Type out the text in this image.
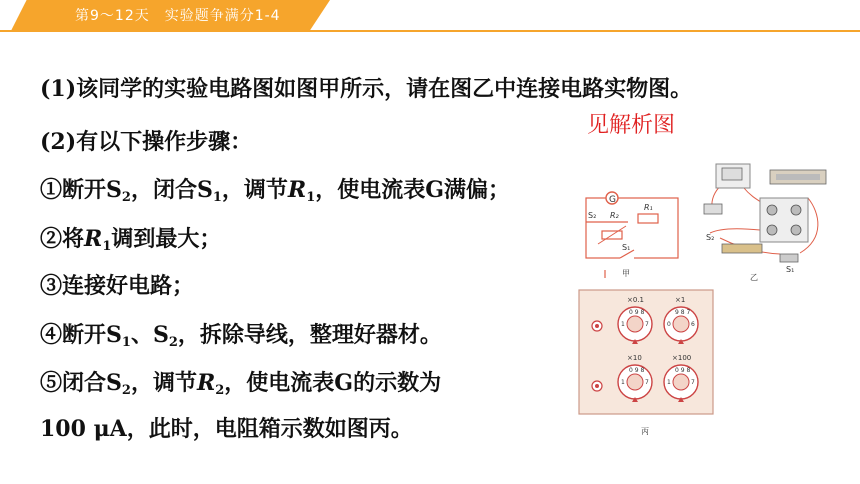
第9～12天　实验题争满分1-4
(1)该同学的实验电路图如图甲所示，请在图乙中连接电路实物图。
(2)有以下操作步骤：
①断开$S_2$，闭合$S_1$，调节$R_1$，使电流表G满偏；
②将$R_1$调到最大；
③连接好电路；
④断开$S_1$、$S_2$，拆除导线，整理好器材。
⑤闭合$S_2$，调节$R_2$，使电流表G的示数为
100 μA，此时，电阻箱示数如图丙。
见解析图
G
S₂ R₂
R₁
S₁
甲
S₂
S₁
乙
×0.1	×1
×10	×100
0 9 8
1	7
9 8 7
0	6
0 9 8
1	7
0 9 8
1	7
丙
